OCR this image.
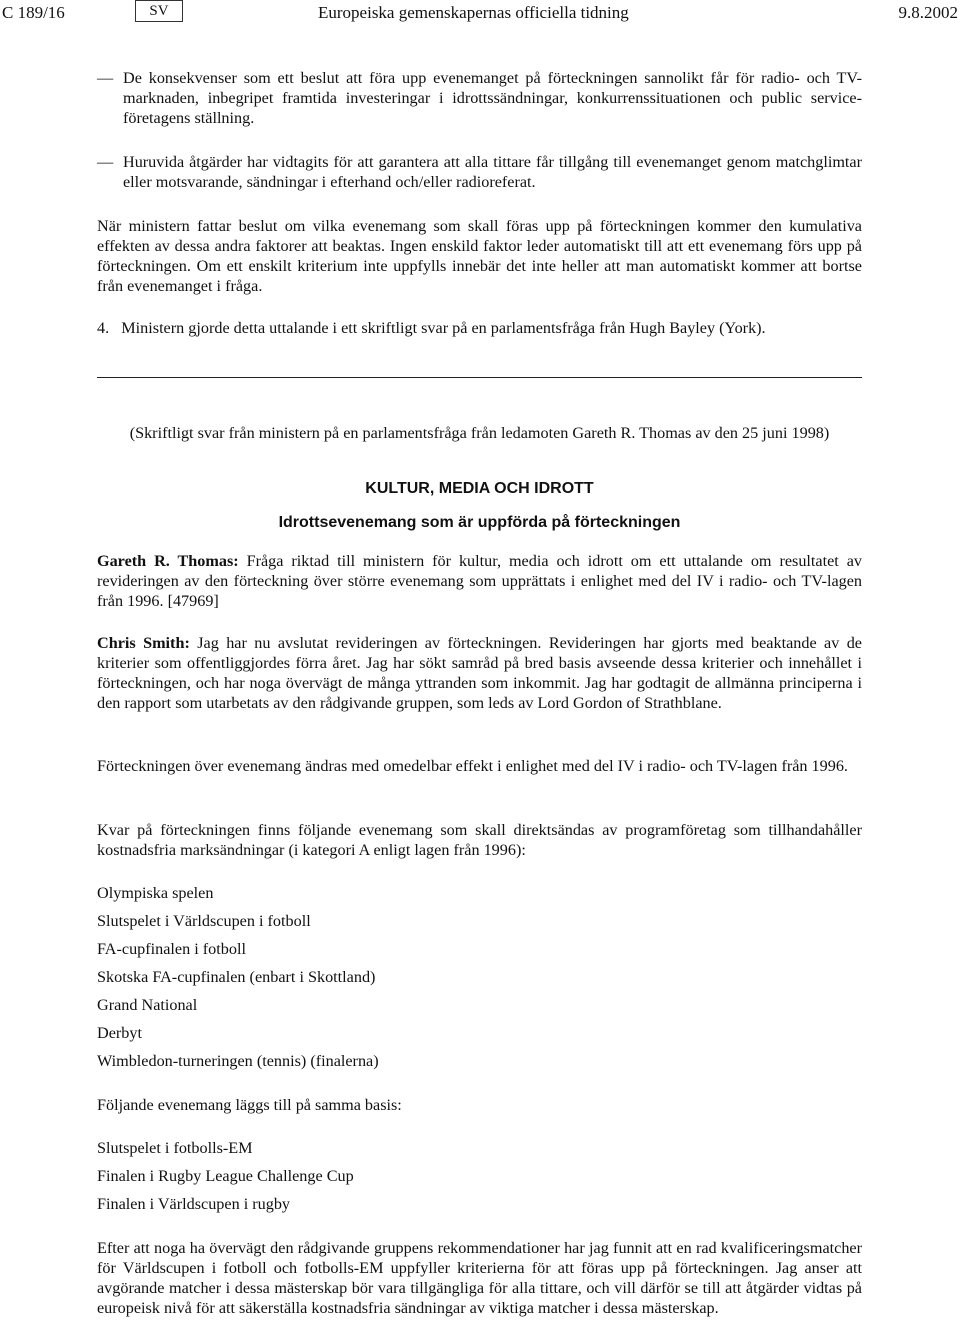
C 189/16	SV	Europeiska gemenskapernas officiella tidning	9.8.2002
— De konsekvenser som ett beslut att föra upp evenemanget på förteckningen sannolikt får för radio- och TV-marknaden, inbegripet framtida investeringar i idrottssändningar, konkurrenssituationen och public service-företagens ställning.
— Huruvida åtgärder har vidtagits för att garantera att alla tittare får tillgång till evenemanget genom matchglimtar eller motsvarande, sändningar i efterhand och/eller radioreferat.

När ministern fattar beslut om vilka evenemang som skall föras upp på förteckningen kommer den kumulativa effekten av dessa andra faktorer att beaktas. Ingen enskild faktor leder automatiskt till att ett evenemang förs upp på förteckningen. Om ett enskilt kriterium inte uppfylls innebär det inte heller att man automatiskt kommer att bortse från evenemanget i fråga.

4. Ministern gjorde detta uttalande i ett skriftligt svar på en parlamentsfråga från Hugh Bayley (York).

(Skriftligt svar från ministern på en parlamentsfråga från ledamoten Gareth R. Thomas av den 25 juni 1998)

KULTUR, MEDIA OCH IDROTT
Idrottsevenemang som är uppförda på förteckningen

Gareth R. Thomas: Fråga riktad till ministern för kultur, media och idrott om ett uttalande om resultatet av revideringen av den förteckning över större evenemang som upprättats i enlighet med del IV i radio- och TV-lagen från 1996. [47969]

Chris Smith: Jag har nu avslutat revideringen av förteckningen. Revideringen har gjorts med beaktande av de kriterier som offentliggjordes förra året. Jag har sökt samråd på bred basis avseende dessa kriterier och innehållet i förteckningen, och har noga övervägt de många yttranden som inkommit. Jag har godtagit de allmänna principerna i den rapport som utarbetats av den rådgivande gruppen, som leds av Lord Gordon of Strathblane.

Förteckningen över evenemang ändras med omedelbar effekt i enlighet med del IV i radio- och TV-lagen från 1996.

Kvar på förteckningen finns följande evenemang som skall direktsändas av programföretag som tillhandahåller kostnadsfria marksändningar (i kategori A enligt lagen från 1996):

Olympiska spelen
Slutspelet i Världscupen i fotboll
FA-cupfinalen i fotboll
Skotska FA-cupfinalen (enbart i Skottland)
Grand National
Derbyt
Wimbledon-turneringen (tennis) (finalerna)

Följande evenemang läggs till på samma basis:

Slutspelet i fotbolls-EM
Finalen i Rugby League Challenge Cup
Finalen i Världscupen i rugby

Efter att noga ha övervägt den rådgivande gruppens rekommendationer har jag funnit att en rad kvalificeringsmatcher för Världscupen i fotboll och fotbolls-EM uppfyller kriterierna för att föras upp på förteckningen. Jag anser att avgörande matcher i dessa mästerskap bör vara tillgängliga för alla tittare, och vill därför se till att åtgärder vidtas på europeisk nivå för att säkerställa kostnadsfria sändningar av viktiga matcher i dessa mästerskap.
